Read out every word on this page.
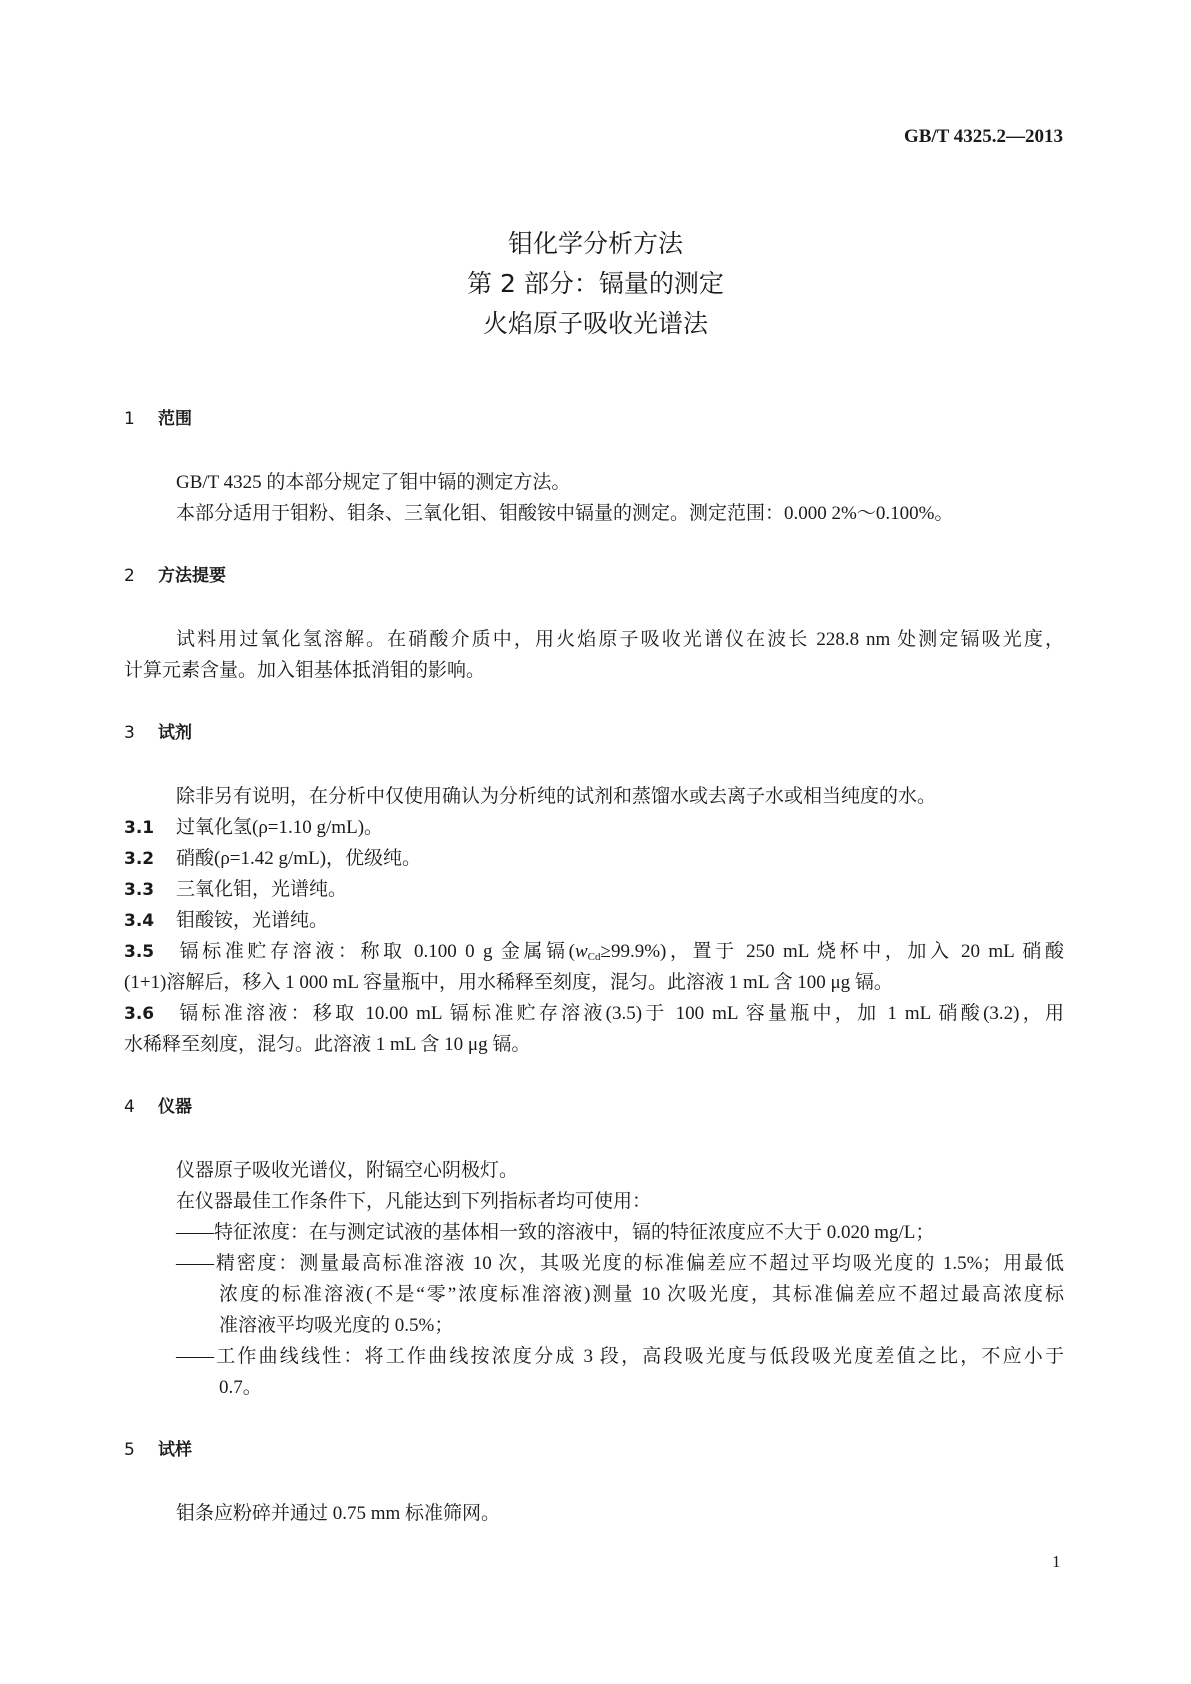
GB/T 4325.2—2013
钼化学分析方法
第 2 部分：镉量的测定
火焰原子吸收光谱法
1 范围
GB/T 4325 的本部分规定了钼中镉的测定方法。
本部分适用于钼粉、钼条、三氧化钼、钼酸铵中镉量的测定。测定范围：0.000 2%～0.100%。
2 方法提要
试料用过氧化氢溶解。在硝酸介质中，用火焰原子吸收光谱仪在波长 228.8 nm 处测定镉吸光度，
计算元素含量。加入钼基体抵消钼的影响。
3 试剂
除非另有说明，在分析中仅使用确认为分析纯的试剂和蒸馏水或去离子水或相当纯度的水。
3.1 过氧化氢(ρ=1.10 g/mL)。
3.2 硝酸(ρ=1.42 g/mL)，优级纯。
3.3 三氧化钼，光谱纯。
3.4 钼酸铵，光谱纯。
3.5 镉标准贮存溶液：称取 0.100 0 g 金属镉$(w_{Cd}\ge 99.9\%)$，置于 250 mL 烧杯中，加入 20 mL 硝酸
(1+1)溶解后，移入 1 000 mL 容量瓶中，用水稀释至刻度，混匀。此溶液 1 mL 含 100 μg 镉。
3.6 镉标准溶液：移取 10.00 mL 镉标准贮存溶液(3.5)于 100 mL 容量瓶中，加 1 mL 硝酸(3.2)，用
水稀释至刻度，混匀。此溶液 1 mL 含 10 μg 镉。
4 仪器
仪器原子吸收光谱仪，附镉空心阴极灯。
在仪器最佳工作条件下，凡能达到下列指标者均可使用：
——特征浓度：在与测定试液的基体相一致的溶液中，镉的特征浓度应不大于 0.020 mg/L；
——精密度：测量最高标准溶液 10 次，其吸光度的标准偏差应不超过平均吸光度的 1.5%；用最低
浓度的标准溶液(不是“零”浓度标准溶液)测量 10 次吸光度，其标准偏差应不超过最高浓度标
准溶液平均吸光度的 0.5%；
——工作曲线线性：将工作曲线按浓度分成 3 段，高段吸光度与低段吸光度差值之比，不应小于
0.7。
5 试样
钼条应粉碎并通过 0.75 mm 标准筛网。
1
